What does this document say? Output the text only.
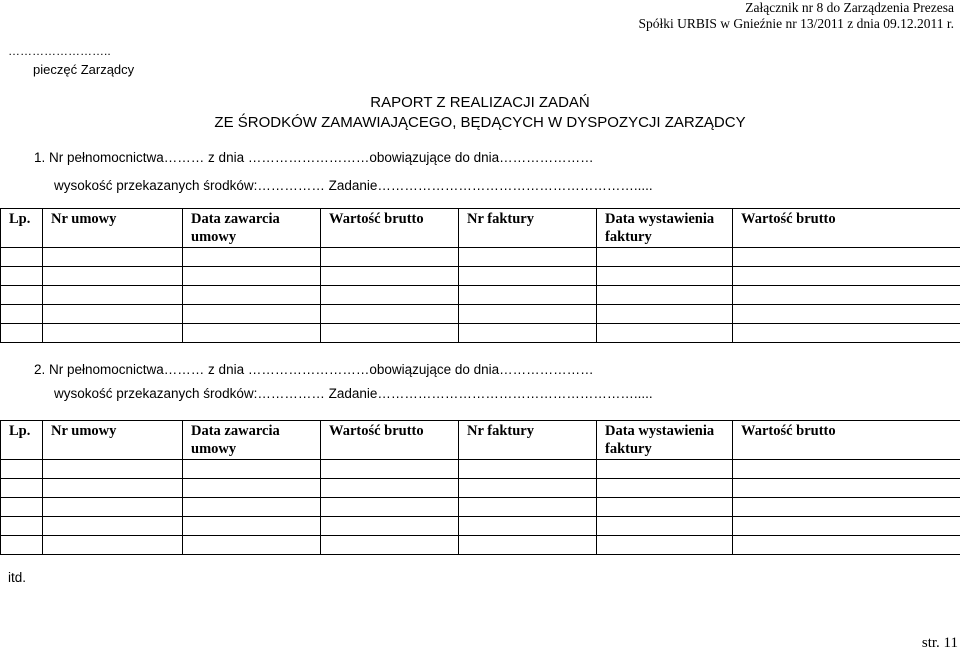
Załącznik nr 8 do Zarządzenia Prezesa
Spółki URBIS w Gnieźnie nr 13/2011 z dnia 09.12.2011 r.
……………………..
pieczęć Zarządcy
RAPORT Z REALIZACJI ZADAŃ
ZE ŚRODKÓW ZAMAWIAJĄCEGO, BĘDĄCYCH W DYSPOZYCJI ZARZĄDCY
1. Nr pełnomocnictwa……… z dnia ………………………obowiązujące do dnia…………………
wysokość przekazanych środków:…………… Zadanie………………………………………………….....
Lp.	Nr umowy	Data zawarcia umowy	Wartość brutto	Nr faktury	Data wystawienia faktury	Wartość brutto

2. Nr pełnomocnictwa……… z dnia ………………………obowiązujące do dnia…………………
wysokość przekazanych środków:…………… Zadanie………………………………………………….....
Lp.	Nr umowy	Data zawarcia umowy	Wartość brutto	Nr faktury	Data wystawienia faktury	Wartość brutto

itd.
str. 11
